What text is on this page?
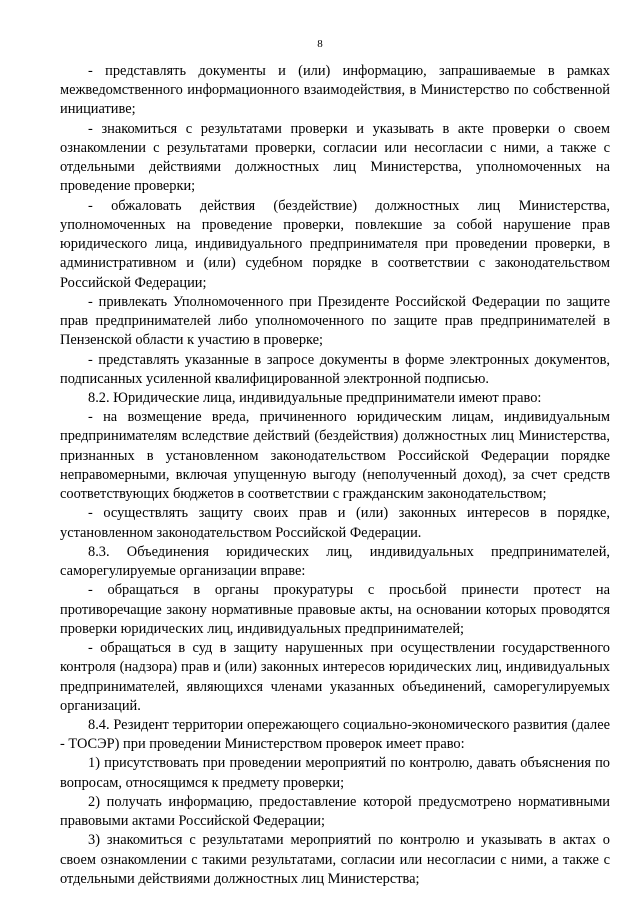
8

- представлять документы и (или) информацию, запрашиваемые в рамках межведомственного информационного взаимодействия, в Министерство по собственной инициативе;

- знакомиться с результатами проверки и указывать в акте проверки о своем ознакомлении с результатами проверки, согласии или несогласии с ними, а также с отдельными действиями должностных лиц Министерства, уполномоченных на проведение проверки;

- обжаловать действия (бездействие) должностных лиц Министерства, уполномоченных на проведение проверки, повлекшие за собой нарушение прав юридического лица, индивидуального предпринимателя при проведении проверки, в административном и (или) судебном порядке в соответствии с законодательством Российской Федерации;

- привлекать Уполномоченного при Президенте Российской Федерации по защите прав предпринимателей либо уполномоченного по защите прав предпринимателей в Пензенской области к участию в проверке;

- представлять указанные в запросе документы в форме электронных документов, подписанных усиленной квалифицированной электронной подписью.

8.2. Юридические лица, индивидуальные предприниматели имеют право:

- на возмещение вреда, причиненного юридическим лицам, индивидуальным предпринимателям вследствие действий (бездействия) должностных лиц Министерства, признанных в установленном законодательством Российской Федерации порядке неправомерными, включая упущенную выгоду (неполученный доход), за счет средств соответствующих бюджетов в соответствии с гражданским законодательством;

- осуществлять защиту своих прав и (или) законных интересов в порядке, установленном законодательством Российской Федерации.

8.3. Объединения юридических лиц, индивидуальных предпринимателей, саморегулируемые организации вправе:

- обращаться в органы прокуратуры с просьбой принести протест на противоречащие закону нормативные правовые акты, на основании которых проводятся проверки юридических лиц, индивидуальных предпринимателей;

- обращаться в суд в защиту нарушенных при осуществлении государственного контроля (надзора) прав и (или) законных интересов юридических лиц, индивидуальных предпринимателей, являющихся членами указанных объединений, саморегулируемых организаций.

8.4. Резидент территории опережающего социально-экономического развития (далее - ТОСЭР) при проведении Министерством проверок имеет право:

1) присутствовать при проведении мероприятий по контролю, давать объяснения по вопросам, относящимся к предмету проверки;

2) получать информацию, предоставление которой предусмотрено нормативными правовыми актами Российской Федерации;

3) знакомиться с результатами мероприятий по контролю и указывать в актах о своем ознакомлении с такими результатами, согласии или несогласии с ними, а также с отдельными действиями должностных лиц Министерства;
